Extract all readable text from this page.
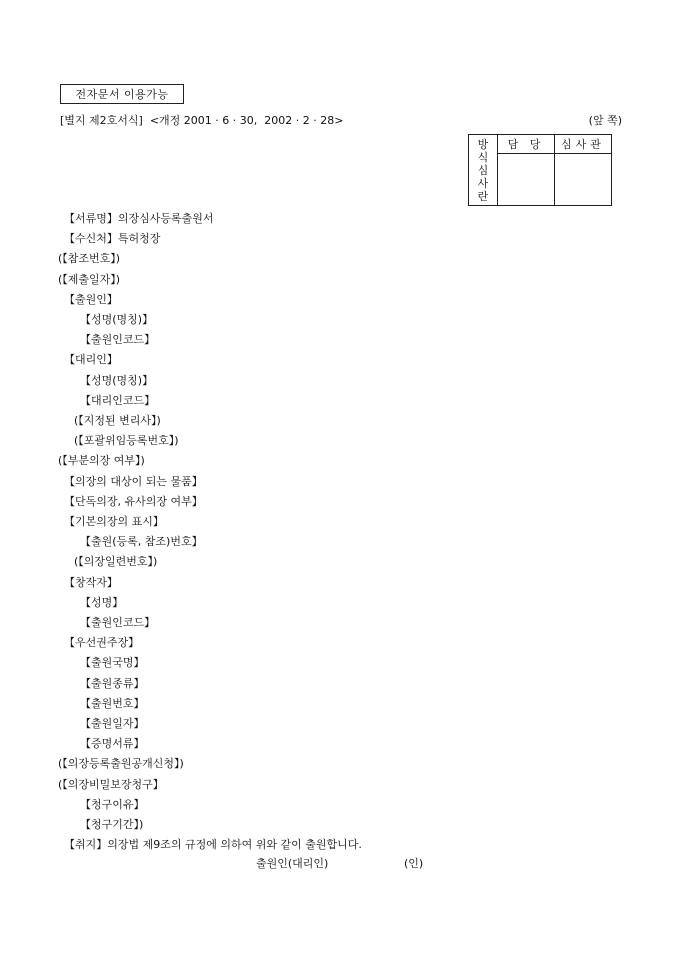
전자문서 이용가능
[별지 제2호서식]  <개정 2001 · 6 · 30,  2002 · 2 · 28>	(앞 쪽)
방
식
심
사
란	담 당	심사관

【서류명】의장심사등록출원서
【수신처】특허청장
(【참조번호】)
(【제출일자】)
【출원인】
【성명(명칭)】
【출원인코드】
【대리인】
【성명(명칭)】
【대리인코드】
(【지정된 변리사】)
(【포괄위임등록번호】)
(【부분의장 여부】)
【의장의 대상이 되는 물품】
【단독의장, 유사의장 여부】
【기본의장의 표시】
【출원(등록, 참조)번호】
(【의장일련번호】)
【창작자】
【성명】
【출원인코드】
【우선권주장】
【출원국명】
【출원종류】
【출원번호】
【출원일자】
【증명서류】
(【의장등록출원공개신청】)
(【의장비밀보장청구】
【청구이유】
【청구기간】)
【취지】의장법 제9조의 규정에 의하여 위와 같이 출원합니다.
출원인(대리인)	(인)
